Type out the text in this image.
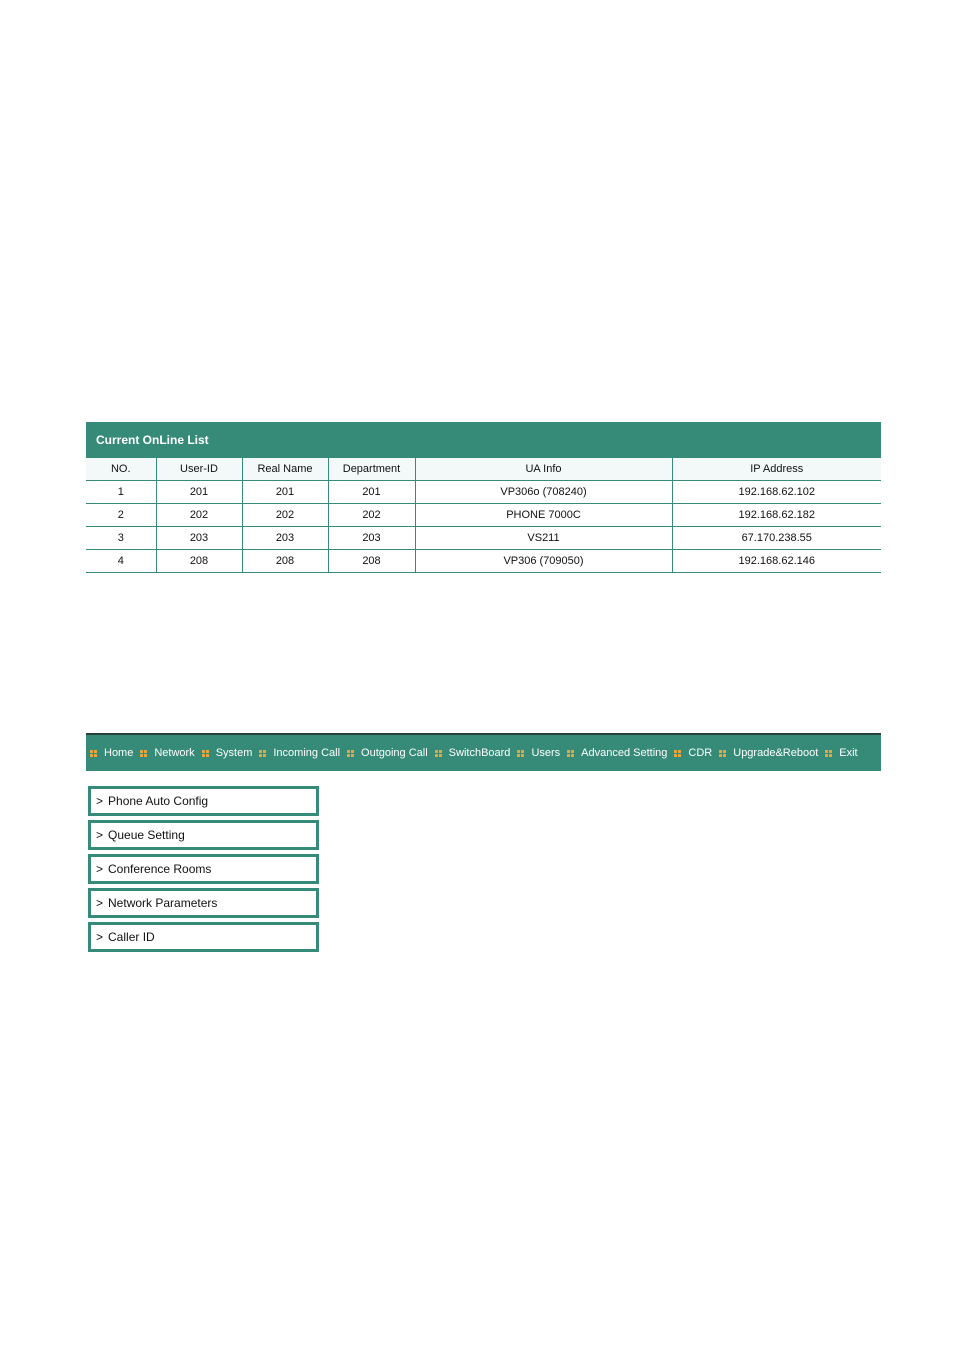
Current OnLine List
NO.	User-ID	Real Name	Department	UA Info	IP Address
1	201	201	201	VP306o (708240)	192.168.62.102
2	202	202	202	PHONE 7000C	192.168.62.182
3	203	203	203	VS211	67.170.238.55
4	208	208	208	VP306 (709050)	192.168.62.146
Home Network System Incoming Call Outgoing Call SwitchBoard Users Advanced Setting CDR Upgrade&Reboot Exit
> Phone Auto Config
> Queue Setting
> Conference Rooms
> Network Parameters
> Caller ID
